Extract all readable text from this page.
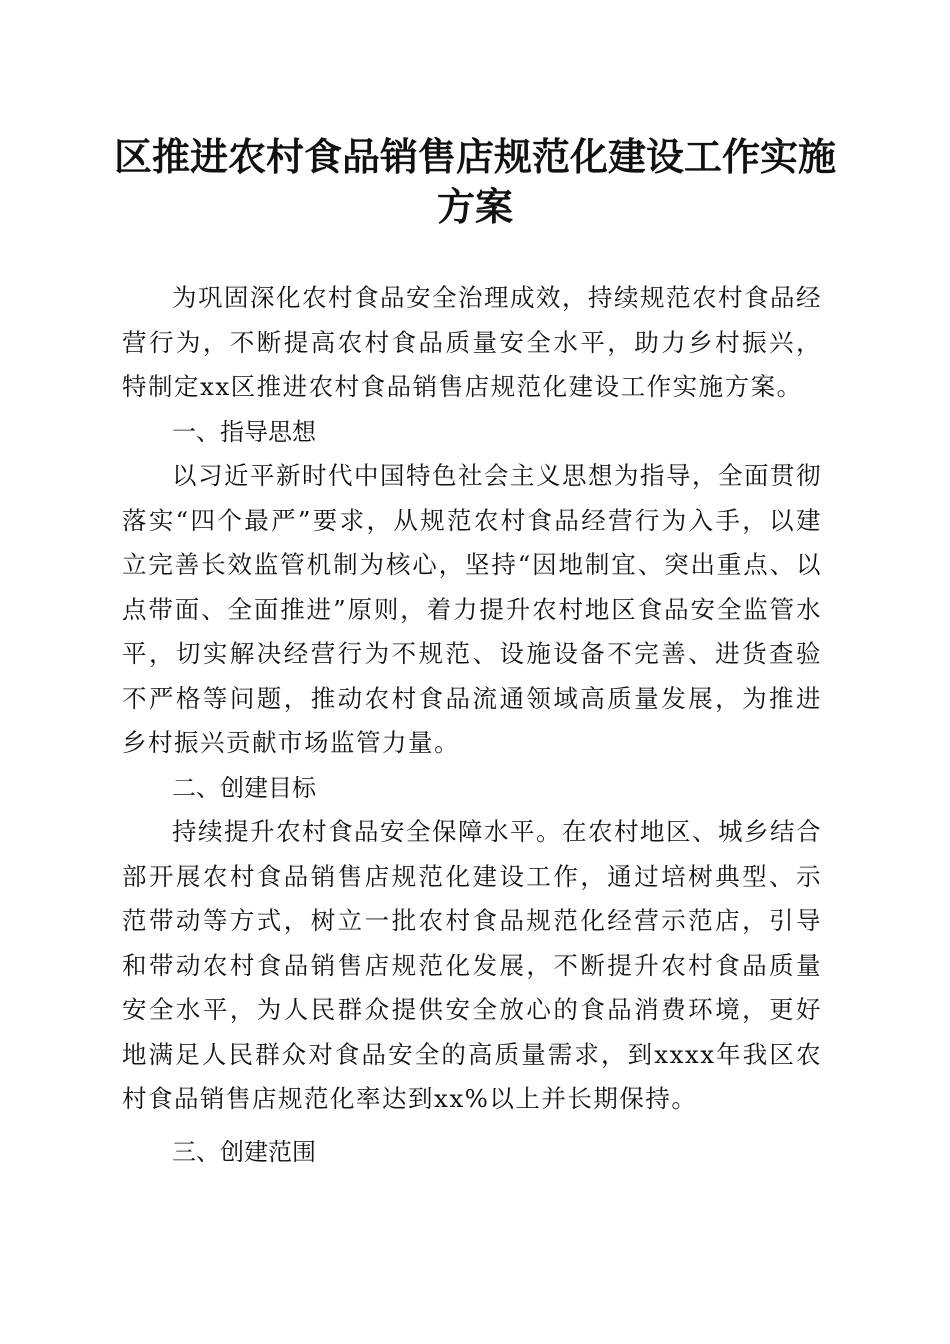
区推进农村食品销售店规范化建设工作实施方案

为巩固深化农村食品安全治理成效，持续规范农村食品经营行为，不断提高农村食品质量安全水平，助力乡村振兴，特制定xx区推进农村食品销售店规范化建设工作实施方案。

一、指导思想

以习近平新时代中国特色社会主义思想为指导，全面贯彻落实“四个最严”要求，从规范农村食品经营行为入手，以建立完善长效监管机制为核心，坚持“因地制宜、突出重点、以点带面、全面推进”原则，着力提升农村地区食品安全监管水平，切实解决经营行为不规范、设施设备不完善、进货查验不严格等问题，推动农村食品流通领域高质量发展，为推进乡村振兴贡献市场监管力量。

二、创建目标

持续提升农村食品安全保障水平。在农村地区、城乡结合部开展农村食品销售店规范化建设工作，通过培树典型、示范带动等方式，树立一批农村食品规范化经营示范店，引导和带动农村食品销售店规范化发展，不断提升农村食品质量安全水平，为人民群众提供安全放心的食品消费环境，更好地满足人民群众对食品安全的高质量需求，到xxxx年我区农村食品销售店规范化率达到xx%以上并长期保持。

三、创建范围
